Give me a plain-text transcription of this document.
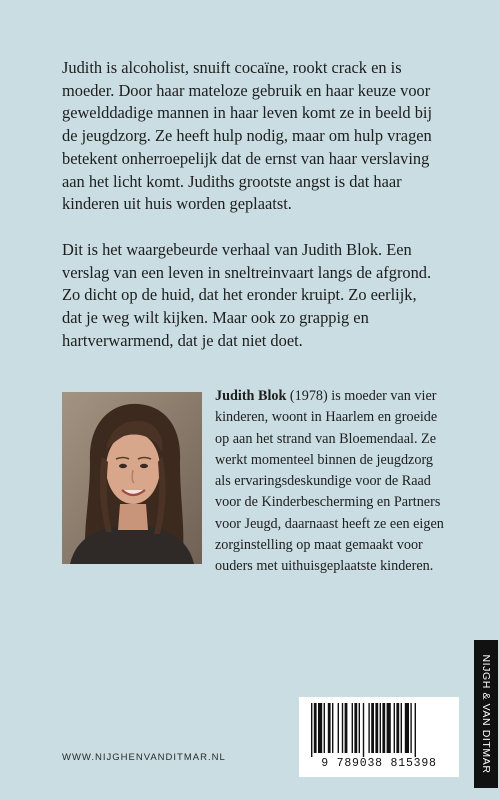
Judith is alcoholist, snuift cocaïne, rookt crack en is moeder. Door haar mateloze gebruik en haar keuze voor gewelddadige mannen in haar leven komt ze in beeld bij de jeugdzorg. Ze heeft hulp nodig, maar om hulp vragen betekent onherroepelijk dat de ernst van haar verslaving aan het licht komt. Judiths grootste angst is dat haar kinderen uit huis worden geplaatst.

Dit is het waargebeurde verhaal van Judith Blok. Een verslag van een leven in sneltreinvaart langs de afgrond. Zo dicht op de huid, dat het eronder kruipt. Zo eerlijk, dat je weg wilt kijken. Maar ook zo grappig en hartverwarmend, dat je dat niet doet.

Judith Blok (1978) is moeder van vier kinderen, woont in Haarlem en groeide op aan het strand van Bloemendaal. Ze werkt momenteel binnen de jeugdzorg als ervaringsdeskundige voor de Raad voor de Kinderbescherming en Partners voor Jeugd, daarnaast heeft ze een eigen zorginstelling op maat gemaakt voor ouders met uithuisgeplaatste kinderen.

WWW.NIJGHENVANDITMAR.NL	9 789038 815398	NIJGH & VAN DITMAR
